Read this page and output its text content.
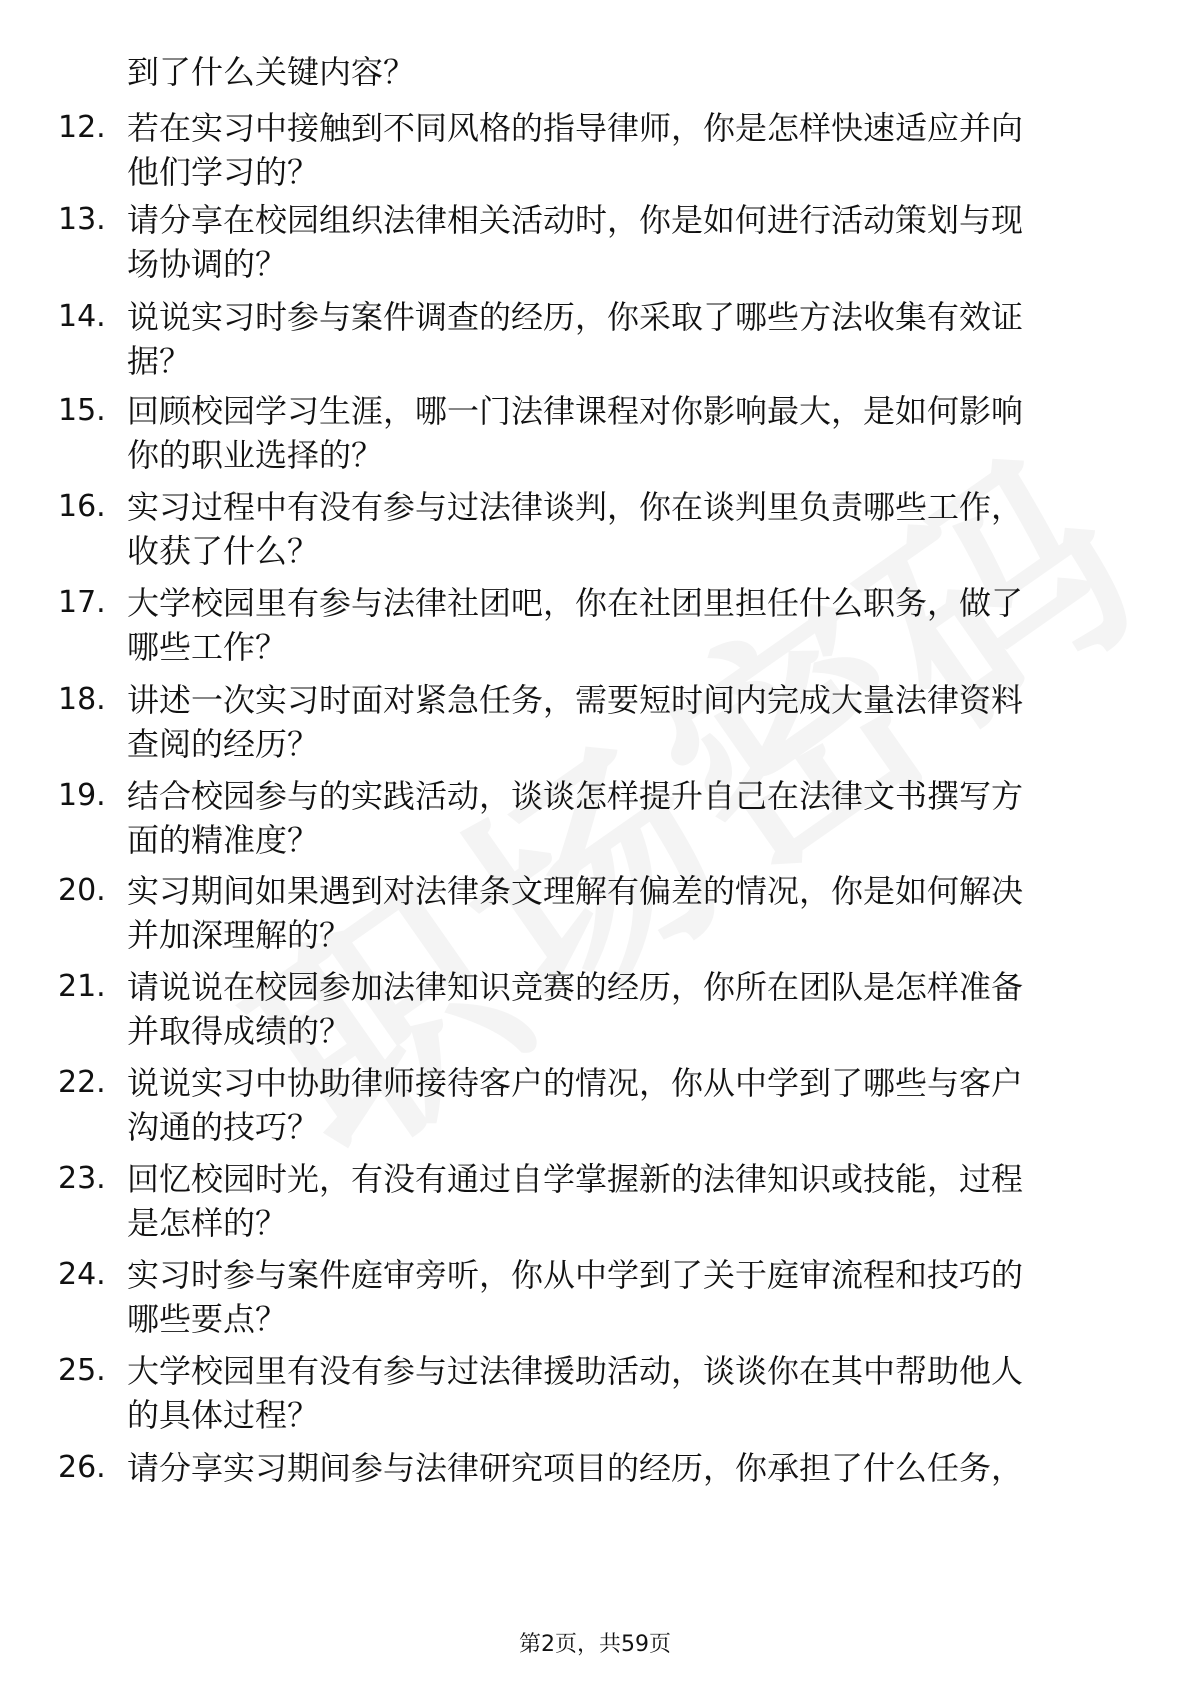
到了什么关键内容？
12. 若在实习中接触到不同风格的指导律师，你是怎样快速适应并向
他们学习的？
13. 请分享在校园组织法律相关活动时，你是如何进行活动策划与现
场协调的？
14. 说说实习时参与案件调查的经历，你采取了哪些方法收集有效证
据？
15. 回顾校园学习生涯，哪一门法律课程对你影响最大，是如何影响
你的职业选择的？
16. 实习过程中有没有参与过法律谈判，你在谈判里负责哪些工作，
收获了什么？
17. 大学校园里有参与法律社团吧，你在社团里担任什么职务，做了
哪些工作？
18. 讲述一次实习时面对紧急任务，需要短时间内完成大量法律资料
查阅的经历？
19. 结合校园参与的实践活动，谈谈怎样提升自己在法律文书撰写方
面的精准度？
20. 实习期间如果遇到对法律条文理解有偏差的情况，你是如何解决
并加深理解的？
21. 请说说在校园参加法律知识竞赛的经历，你所在团队是怎样准备
并取得成绩的？
22. 说说实习中协助律师接待客户的情况，你从中学到了哪些与客户
沟通的技巧？
23. 回忆校园时光，有没有通过自学掌握新的法律知识或技能，过程
是怎样的？
24. 实习时参与案件庭审旁听，你从中学到了关于庭审流程和技巧的
哪些要点？
25. 大学校园里有没有参与过法律援助活动，谈谈你在其中帮助他人
的具体过程？
26. 请分享实习期间参与法律研究项目的经历，你承担了什么任务，
第2页，共59页
